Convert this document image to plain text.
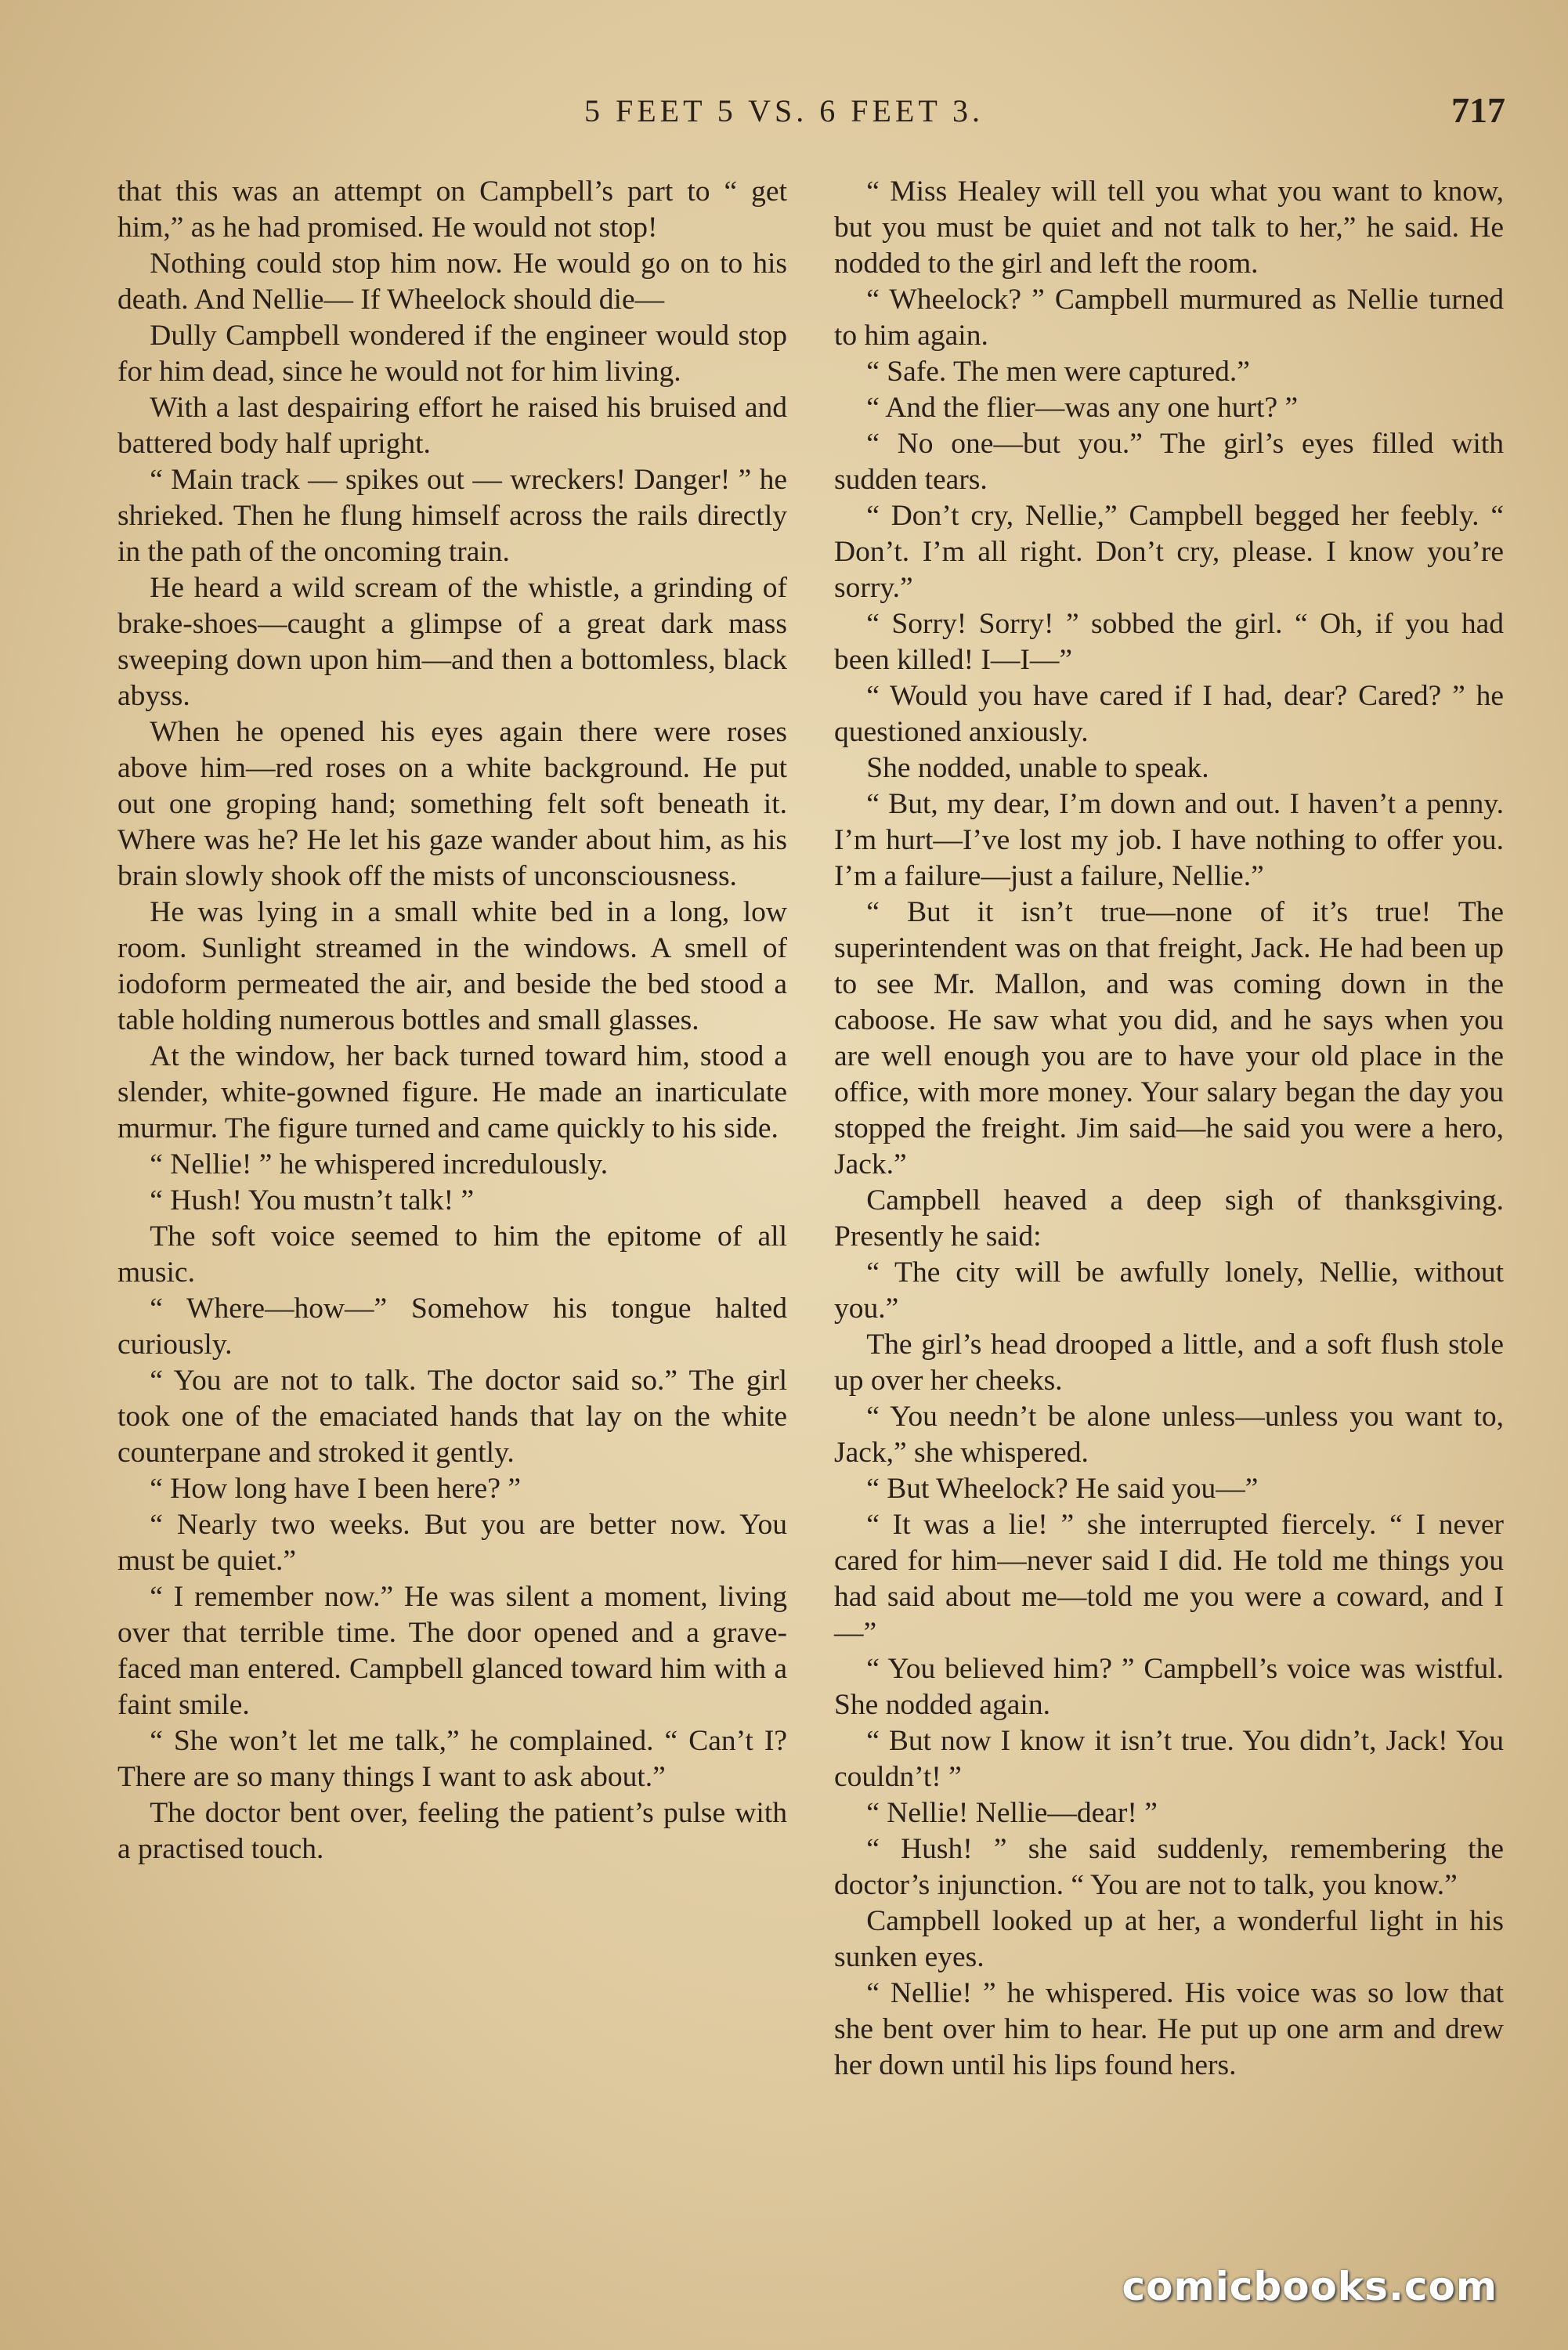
5 FEET 5 VS. 6 FEET 3.	717

that this was an attempt on Campbell’s part to “ get him,” as he had promised. He would not stop!

Nothing could stop him now. He would go on to his death. And Nellie— If Wheelock should die—

Dully Campbell wondered if the engineer would stop for him dead, since he would not for him living.

With a last despairing effort he raised his bruised and battered body half upright.

“ Main track — spikes out — wreckers! Danger! ” he shrieked. Then he flung himself across the rails directly in the path of the oncoming train.

He heard a wild scream of the whistle, a grinding of brake-shoes—caught a glimpse of a great dark mass sweeping down upon him—and then a bottomless, black abyss.

When he opened his eyes again there were roses above him—red roses on a white background. He put out one groping hand; something felt soft beneath it. Where was he? He let his gaze wander about him, as his brain slowly shook off the mists of unconsciousness.

He was lying in a small white bed in a long, low room. Sunlight streamed in the windows. A smell of iodoform permeated the air, and beside the bed stood a table holding numerous bottles and small glasses.

At the window, her back turned toward him, stood a slender, white-gowned figure. He made an inarticulate murmur. The figure turned and came quickly to his side.

“ Nellie! ” he whispered incredulously.

“ Hush! You mustn’t talk! ”

The soft voice seemed to him the epitome of all music.

“ Where—how—” Somehow his tongue halted curiously.

“ You are not to talk. The doctor said so.” The girl took one of the emaciated hands that lay on the white counterpane and stroked it gently.

“ How long have I been here? ”

“ Nearly two weeks. But you are better now. You must be quiet.”

“ I remember now.” He was silent a moment, living over that terrible time. The door opened and a grave-faced man entered. Campbell glanced toward him with a faint smile.

“ She won’t let me talk,” he complained. “ Can’t I? There are so many things I want to ask about.”

The doctor bent over, feeling the patient’s pulse with a practised touch.

“ Miss Healey will tell you what you want to know, but you must be quiet and not talk to her,” he said. He nodded to the girl and left the room.

“ Wheelock? ” Campbell murmured as Nellie turned to him again.

“ Safe. The men were captured.”

“ And the flier—was any one hurt? ”

“ No one—but you.” The girl’s eyes filled with sudden tears.

“ Don’t cry, Nellie,” Campbell begged her feebly. “ Don’t. I’m all right. Don’t cry, please. I know you’re sorry.”

“ Sorry! Sorry! ” sobbed the girl. “ Oh, if you had been killed! I—I—”

“ Would you have cared if I had, dear? Cared? ” he questioned anxiously.

She nodded, unable to speak.

“ But, my dear, I’m down and out. I haven’t a penny. I’m hurt—I’ve lost my job. I have nothing to offer you. I’m a failure—just a failure, Nellie.”

“ But it isn’t true—none of it’s true! The superintendent was on that freight, Jack. He had been up to see Mr. Mallon, and was coming down in the caboose. He saw what you did, and he says when you are well enough you are to have your old place in the office, with more money. Your salary began the day you stopped the freight. Jim said—he said you were a hero, Jack.”

Campbell heaved a deep sigh of thanksgiving. Presently he said:

“ The city will be awfully lonely, Nellie, without you.”

The girl’s head drooped a little, and a soft flush stole up over her cheeks.

“ You needn’t be alone unless—unless you want to, Jack,” she whispered.

“ But Wheelock? He said you—”

“ It was a lie! ” she interrupted fiercely. “ I never cared for him—never said I did. He told me things you had said about me—told me you were a coward, and I—”

“ You believed him? ” Campbell’s voice was wistful. She nodded again.

“ But now I know it isn’t true. You didn’t, Jack! You couldn’t! ”

“ Nellie! Nellie—dear! ”

“ Hush! ” she said suddenly, remembering the doctor’s injunction. “ You are not to talk, you know.”

Campbell looked up at her, a wonderful light in his sunken eyes.

“ Nellie! ” he whispered. His voice was so low that she bent over him to hear. He put up one arm and drew her down until his lips found hers.

comicbooks.com
